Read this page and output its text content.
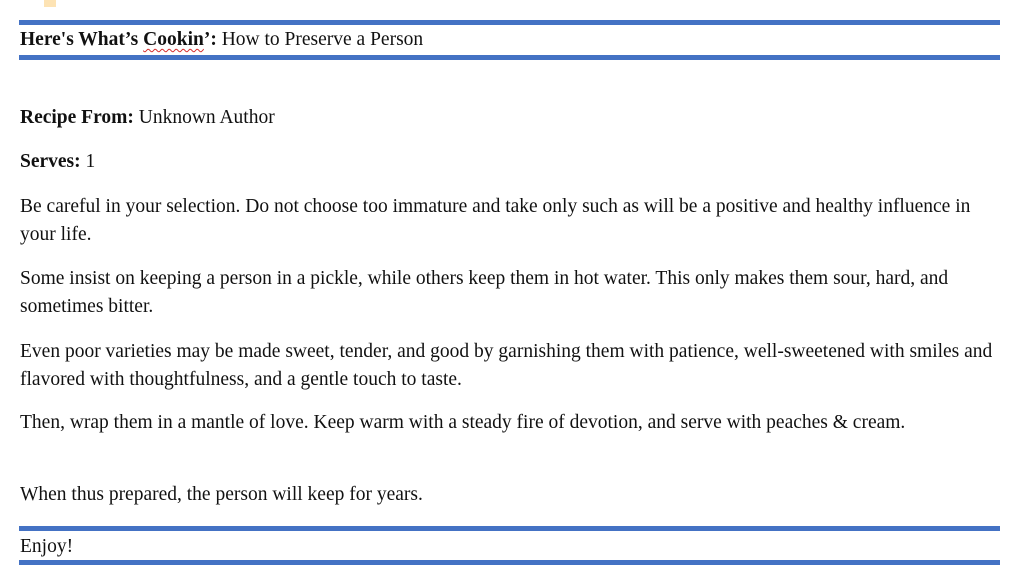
Here's What’s Cookin’: How to Preserve a Person
Recipe From: Unknown Author
Serves: 1
Be careful in your selection. Do not choose too immature and take only such as will be a positive and healthy influence in your life.
Some insist on keeping a person in a pickle, while others keep them in hot water. This only makes them sour, hard, and sometimes bitter.
Even poor varieties may be made sweet, tender, and good by garnishing them with patience, well-sweetened with smiles and flavored with thoughtfulness, and a gentle touch to taste.
Then, wrap them in a mantle of love. Keep warm with a steady fire of devotion, and serve with peaches & cream.
When thus prepared, the person will keep for years.
Enjoy!
